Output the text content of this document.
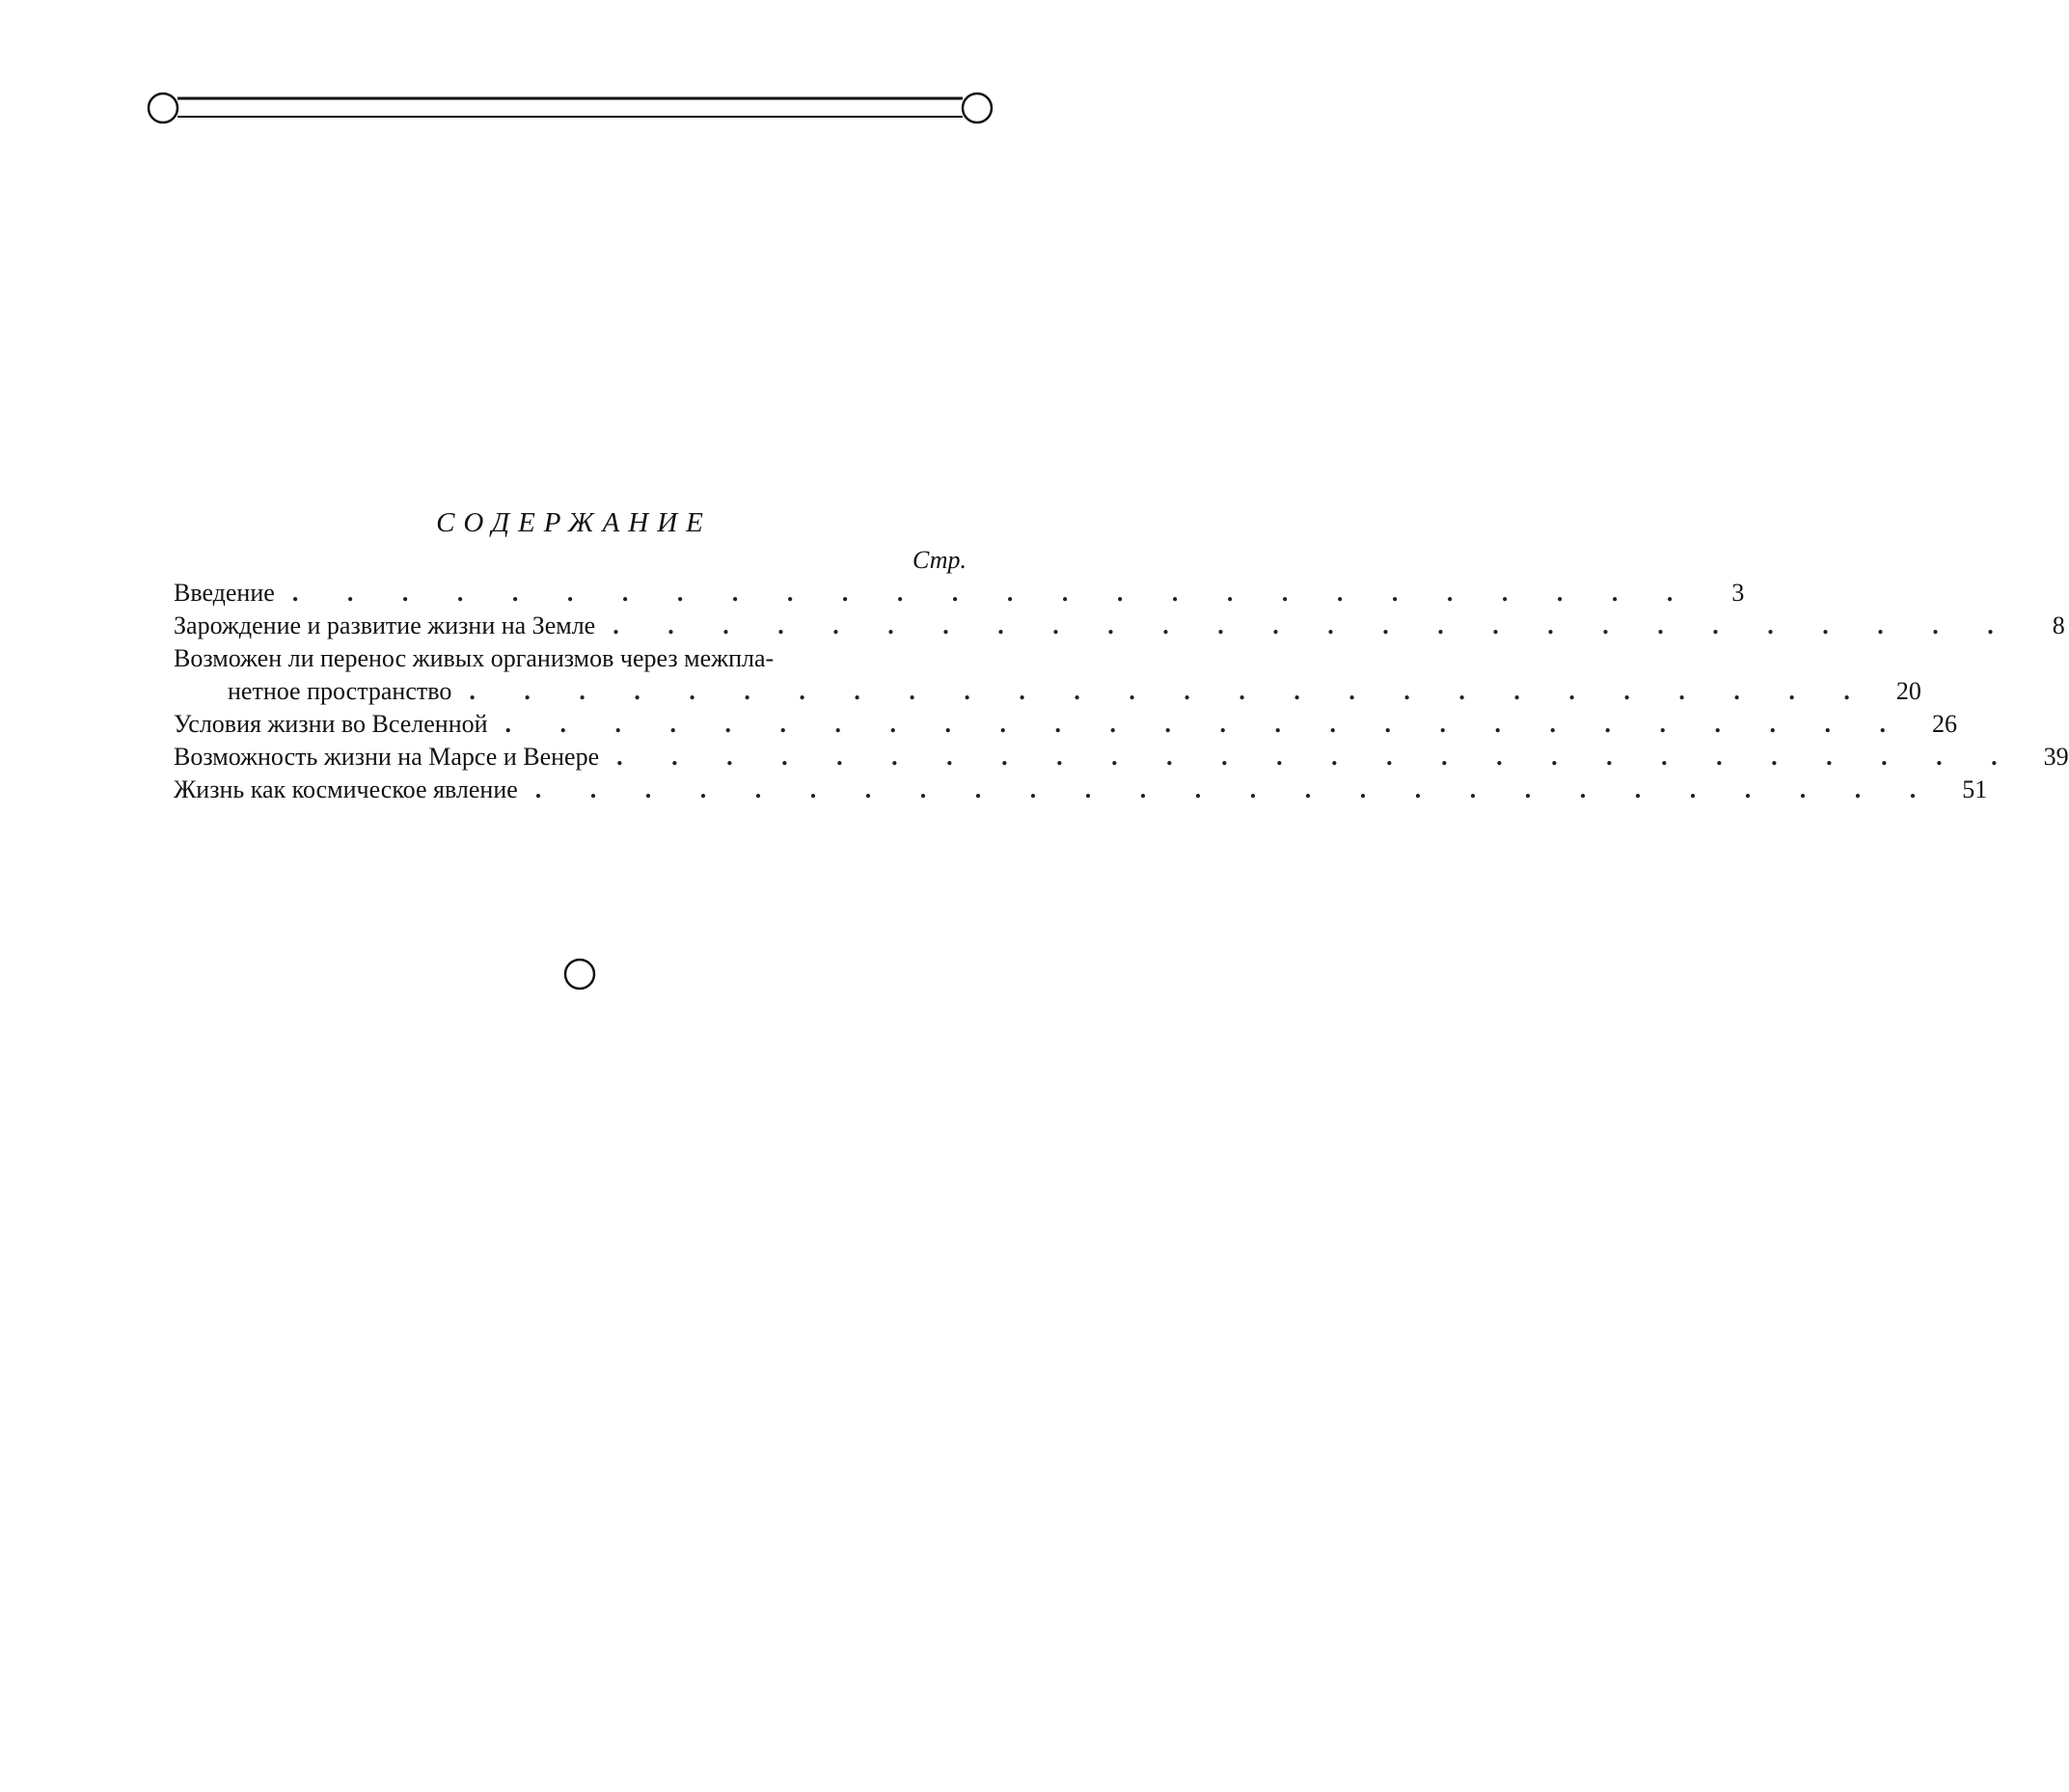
СОДЕРЖАНИЕ
Стр.
Введение . . . . . . . . . . . . . . . . . . . . . . . . . .	3
Зарождение и развитие жизни на Земле . . . . . . . . . . . . . . . . . . . . . . . . . .	8
Возможен ли перенос живых организмов через межпла-
нетное пространство . . . . . . . . . . . . . . . . . . . . . . . . . .	20
Условия жизни во Вселенной . . . . . . . . . . . . . . . . . . . . . . . . . .	26
Возможность жизни на Марсе и Венере . . . . . . . . . . . . . . . . . . . . . . . . . .	39
Жизнь как космическое явление . . . . . . . . . . . . . . . . . . . . . . . . . .	51
